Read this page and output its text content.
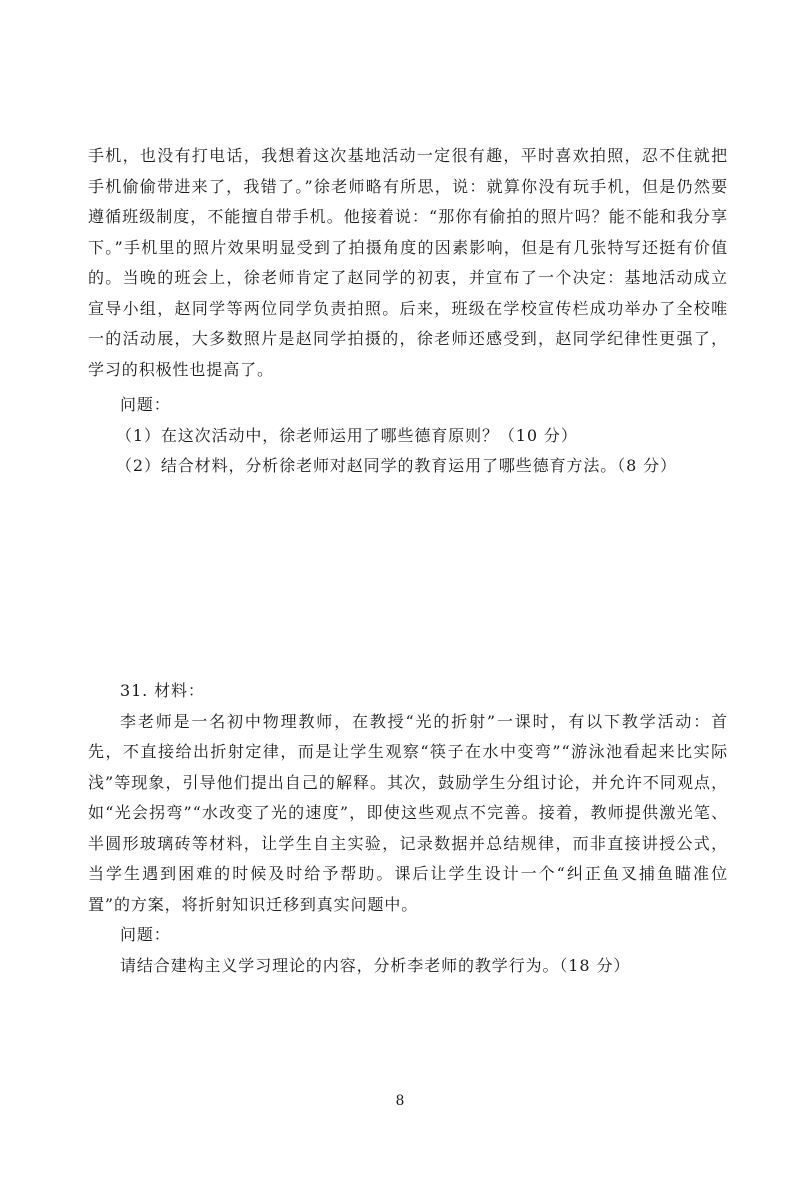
手机，也没有打电话，我想着这次基地活动一定很有趣，平时喜欢拍照，忍不住就把手机偷偷带进来了，我错了。”徐老师略有所思，说：就算你没有玩手机，但是仍然要遵循班级制度，不能擅自带手机。他接着说：“那你有偷拍的照片吗？能不能和我分享下。”手机里的照片效果明显受到了拍摄角度的因素影响，但是有几张特写还挺有价值的。当晚的班会上，徐老师肯定了赵同学的初衷，并宣布了一个决定：基地活动成立宣导小组，赵同学等两位同学负责拍照。后来，班级在学校宣传栏成功举办了全校唯一的活动展，大多数照片是赵同学拍摄的，徐老师还感受到，赵同学纪律性更强了，学习的积极性也提高了。

问题：

（1）在这次活动中，徐老师运用了哪些德育原则？（10 分）

（2）结合材料，分析徐老师对赵同学的教育运用了哪些德育方法。（8 分）

31. 材料：

李老师是一名初中物理教师，在教授“光的折射”一课时，有以下教学活动：首先，不直接给出折射定律，而是让学生观察“筷子在水中变弯”“游泳池看起来比实际浅”等现象，引导他们提出自己的解释。其次，鼓励学生分组讨论，并允许不同观点，如“光会拐弯”“水改变了光的速度”，即使这些观点不完善。接着，教师提供激光笔、半圆形玻璃砖等材料，让学生自主实验，记录数据并总结规律，而非直接讲授公式，当学生遇到困难的时候及时给予帮助。课后让学生设计一个“纠正鱼叉捕鱼瞄准位置”的方案，将折射知识迁移到真实问题中。

问题：

请结合建构主义学习理论的内容，分析李老师的教学行为。（18 分）

8
